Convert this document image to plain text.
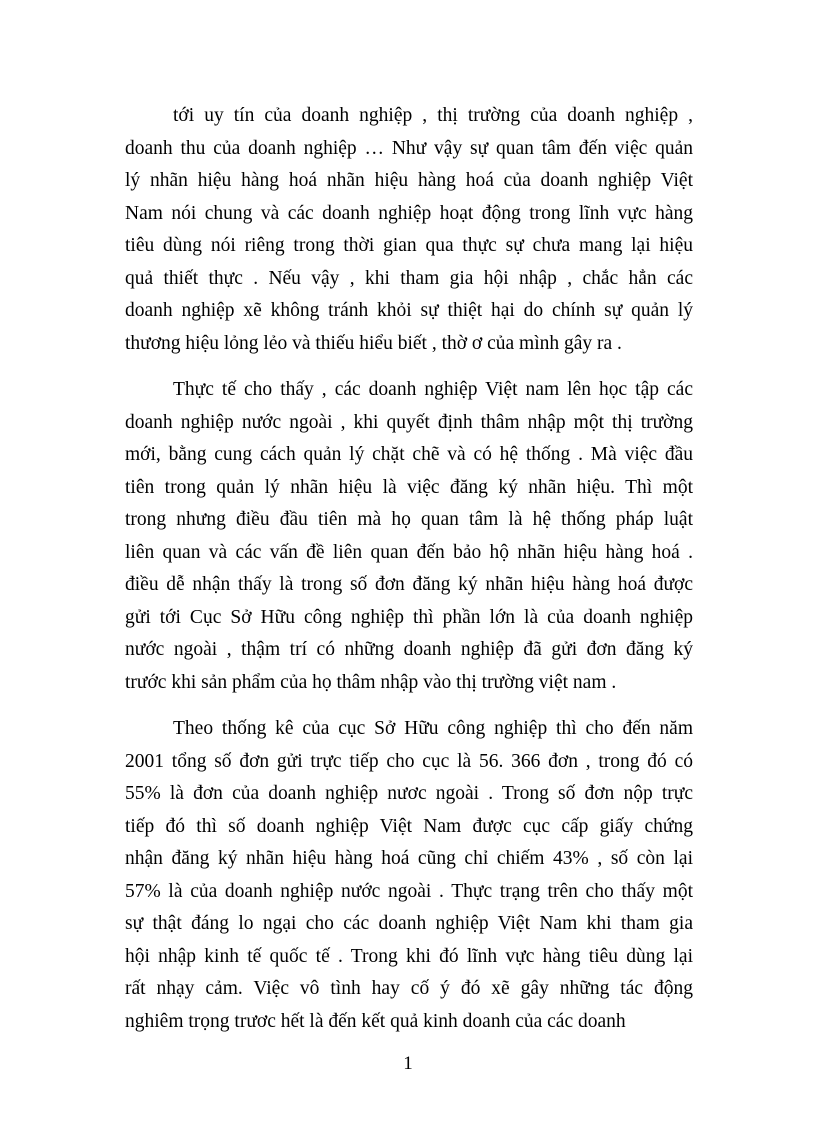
tới uy tín của doanh nghiệp , thị trường của doanh nghiệp ,
doanh thu của doanh nghiệp … Như vậy sự quan tâm đến việc quản
lý nhãn hiệu hàng hoá nhãn hiệu hàng hoá của doanh nghiệp Việt
Nam nói chung và các doanh nghiệp hoạt động trong lĩnh vực hàng
tiêu dùng nói riêng trong thời gian qua thực sự chưa mang lại hiệu
quả thiết thực . Nếu vậy , khi tham gia hội nhập , chắc hẳn các
doanh nghiệp xẽ không tránh khỏi sự thiệt hại do chính sự quản lý
thương hiệu lỏng lẻo và thiếu hiểu biết , thờ ơ của mình gây ra .

Thực tế cho thấy , các doanh nghiệp Việt nam lên học tập các
doanh nghiệp nước ngoài , khi quyết định thâm nhập một thị trường
mới, bằng cung cách quản lý chặt chẽ và có hệ thống . Mà việc đầu
tiên trong quản lý nhãn hiệu là việc đăng ký nhãn hiệu. Thì một
trong nhưng điều đầu tiên mà họ quan tâm là hệ thống pháp luật
liên quan và các vấn đề liên quan đến bảo hộ nhãn hiệu hàng hoá .
điều dễ nhận thấy là trong số đơn đăng ký nhãn hiệu hàng hoá được
gửi tới Cục Sở Hữu công nghiệp thì phần lớn là của doanh nghiệp
nước ngoài , thậm trí có những doanh nghiệp đã gửi đơn đăng ký
trước khi sản phẩm của họ thâm nhập vào thị trường việt nam .

Theo thống kê của cục Sở Hữu công nghiệp thì cho đến năm
2001 tổng số đơn gửi trực tiếp cho cục là 56. 366 đơn , trong đó có
55% là đơn của doanh nghiệp nươc ngoài . Trong số đơn nộp trực
tiếp đó thì số doanh nghiệp Việt Nam được cục cấp giấy chứng
nhận đăng ký nhãn hiệu hàng hoá cũng chỉ chiếm 43% , số còn lại
57% là của doanh nghiệp nước ngoài . Thực trạng trên cho thấy một
sự thật đáng lo ngại cho các doanh nghiệp Việt Nam khi tham gia
hội nhập kinh tế quốc tế . Trong khi đó lĩnh vực hàng tiêu dùng lại
rất nhạy cảm. Việc vô tình hay cố ý đó xẽ gây những tác động
nghiêm trọng trươc hết là đến kết quả kinh doanh của các doanh

1
